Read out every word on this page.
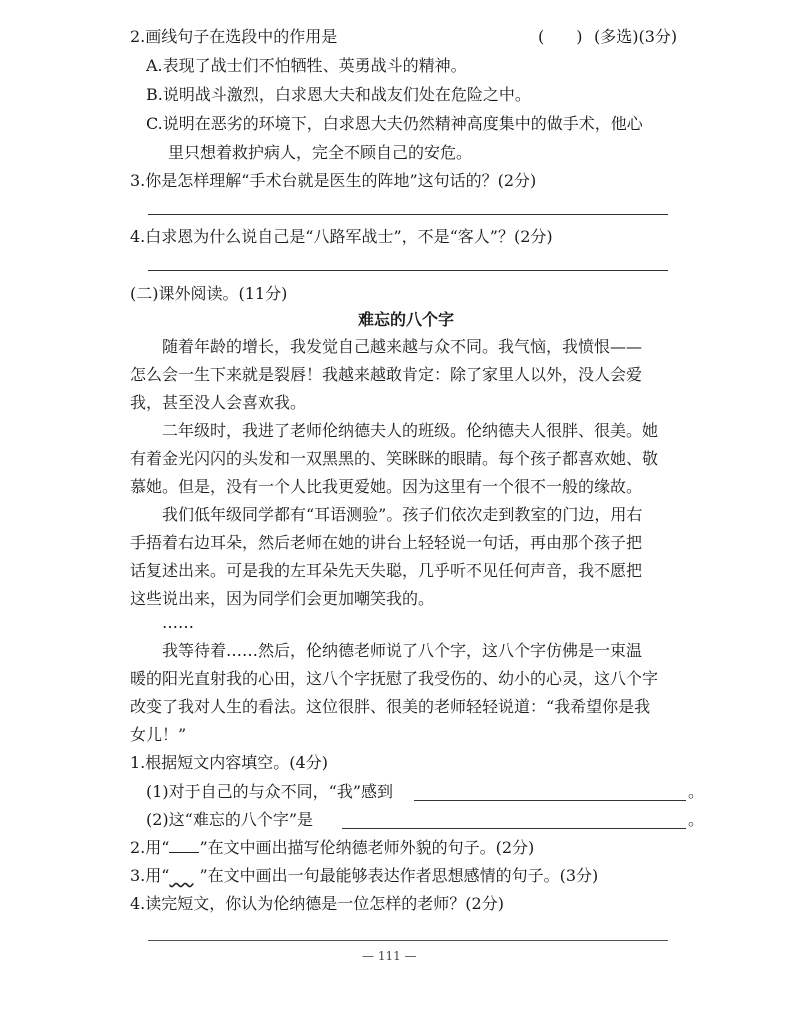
2.画线句子在选段中的作用是	(　　) (多选)(3分)
A.表现了战士们不怕牺牲、英勇战斗的精神。
B.说明战斗激烈，白求恩大夫和战友们处在危险之中。
C.说明在恶劣的环境下，白求恩大夫仍然精神高度集中的做手术，他心
里只想着救护病人，完全不顾自己的安危。
3.你是怎样理解“手术台就是医生的阵地”这句话的？(2分)
4.白求恩为什么说自己是“八路军战士”，不是“客人”？(2分)
(二)课外阅读。(11分)
难忘的八个字
随着年龄的增长，我发觉自己越来越与众不同。我气恼，我愤恨——
怎么会一生下来就是裂唇！我越来越敢肯定：除了家里人以外，没人会爱
我，甚至没人会喜欢我。
二年级时，我进了老师伦纳德夫人的班级。伦纳德夫人很胖、很美。她
有着金光闪闪的头发和一双黑黑的、笑眯眯的眼睛。每个孩子都喜欢她、敬
慕她。但是，没有一个人比我更爱她。因为这里有一个很不一般的缘故。
我们低年级同学都有“耳语测验”。孩子们依次走到教室的门边，用右
手捂着右边耳朵，然后老师在她的讲台上轻轻说一句话，再由那个孩子把
话复述出来。可是我的左耳朵先天失聪，几乎听不见任何声音，我不愿把
这些说出来，因为同学们会更加嘲笑我的。
……
我等待着……然后，伦纳德老师说了八个字，这八个字仿佛是一束温
暖的阳光直射我的心田，这八个字抚慰了我受伤的、幼小的心灵，这八个字
改变了我对人生的看法。这位很胖、很美的老师轻轻说道：“我希望你是我
女儿！”
1.根据短文内容填空。(4分)
(1)对于自己的与众不同，“我”感到	。
(2)这“难忘的八个字”是	。
2.用“ ”在文中画出描写伦纳德老师外貌的句子。(2分)
3.用“    ”在文中画出一句最能够表达作者思想感情的句子。(3分)
4.读完短文，你认为伦纳德是一位怎样的老师？(2分)
— 111 —
